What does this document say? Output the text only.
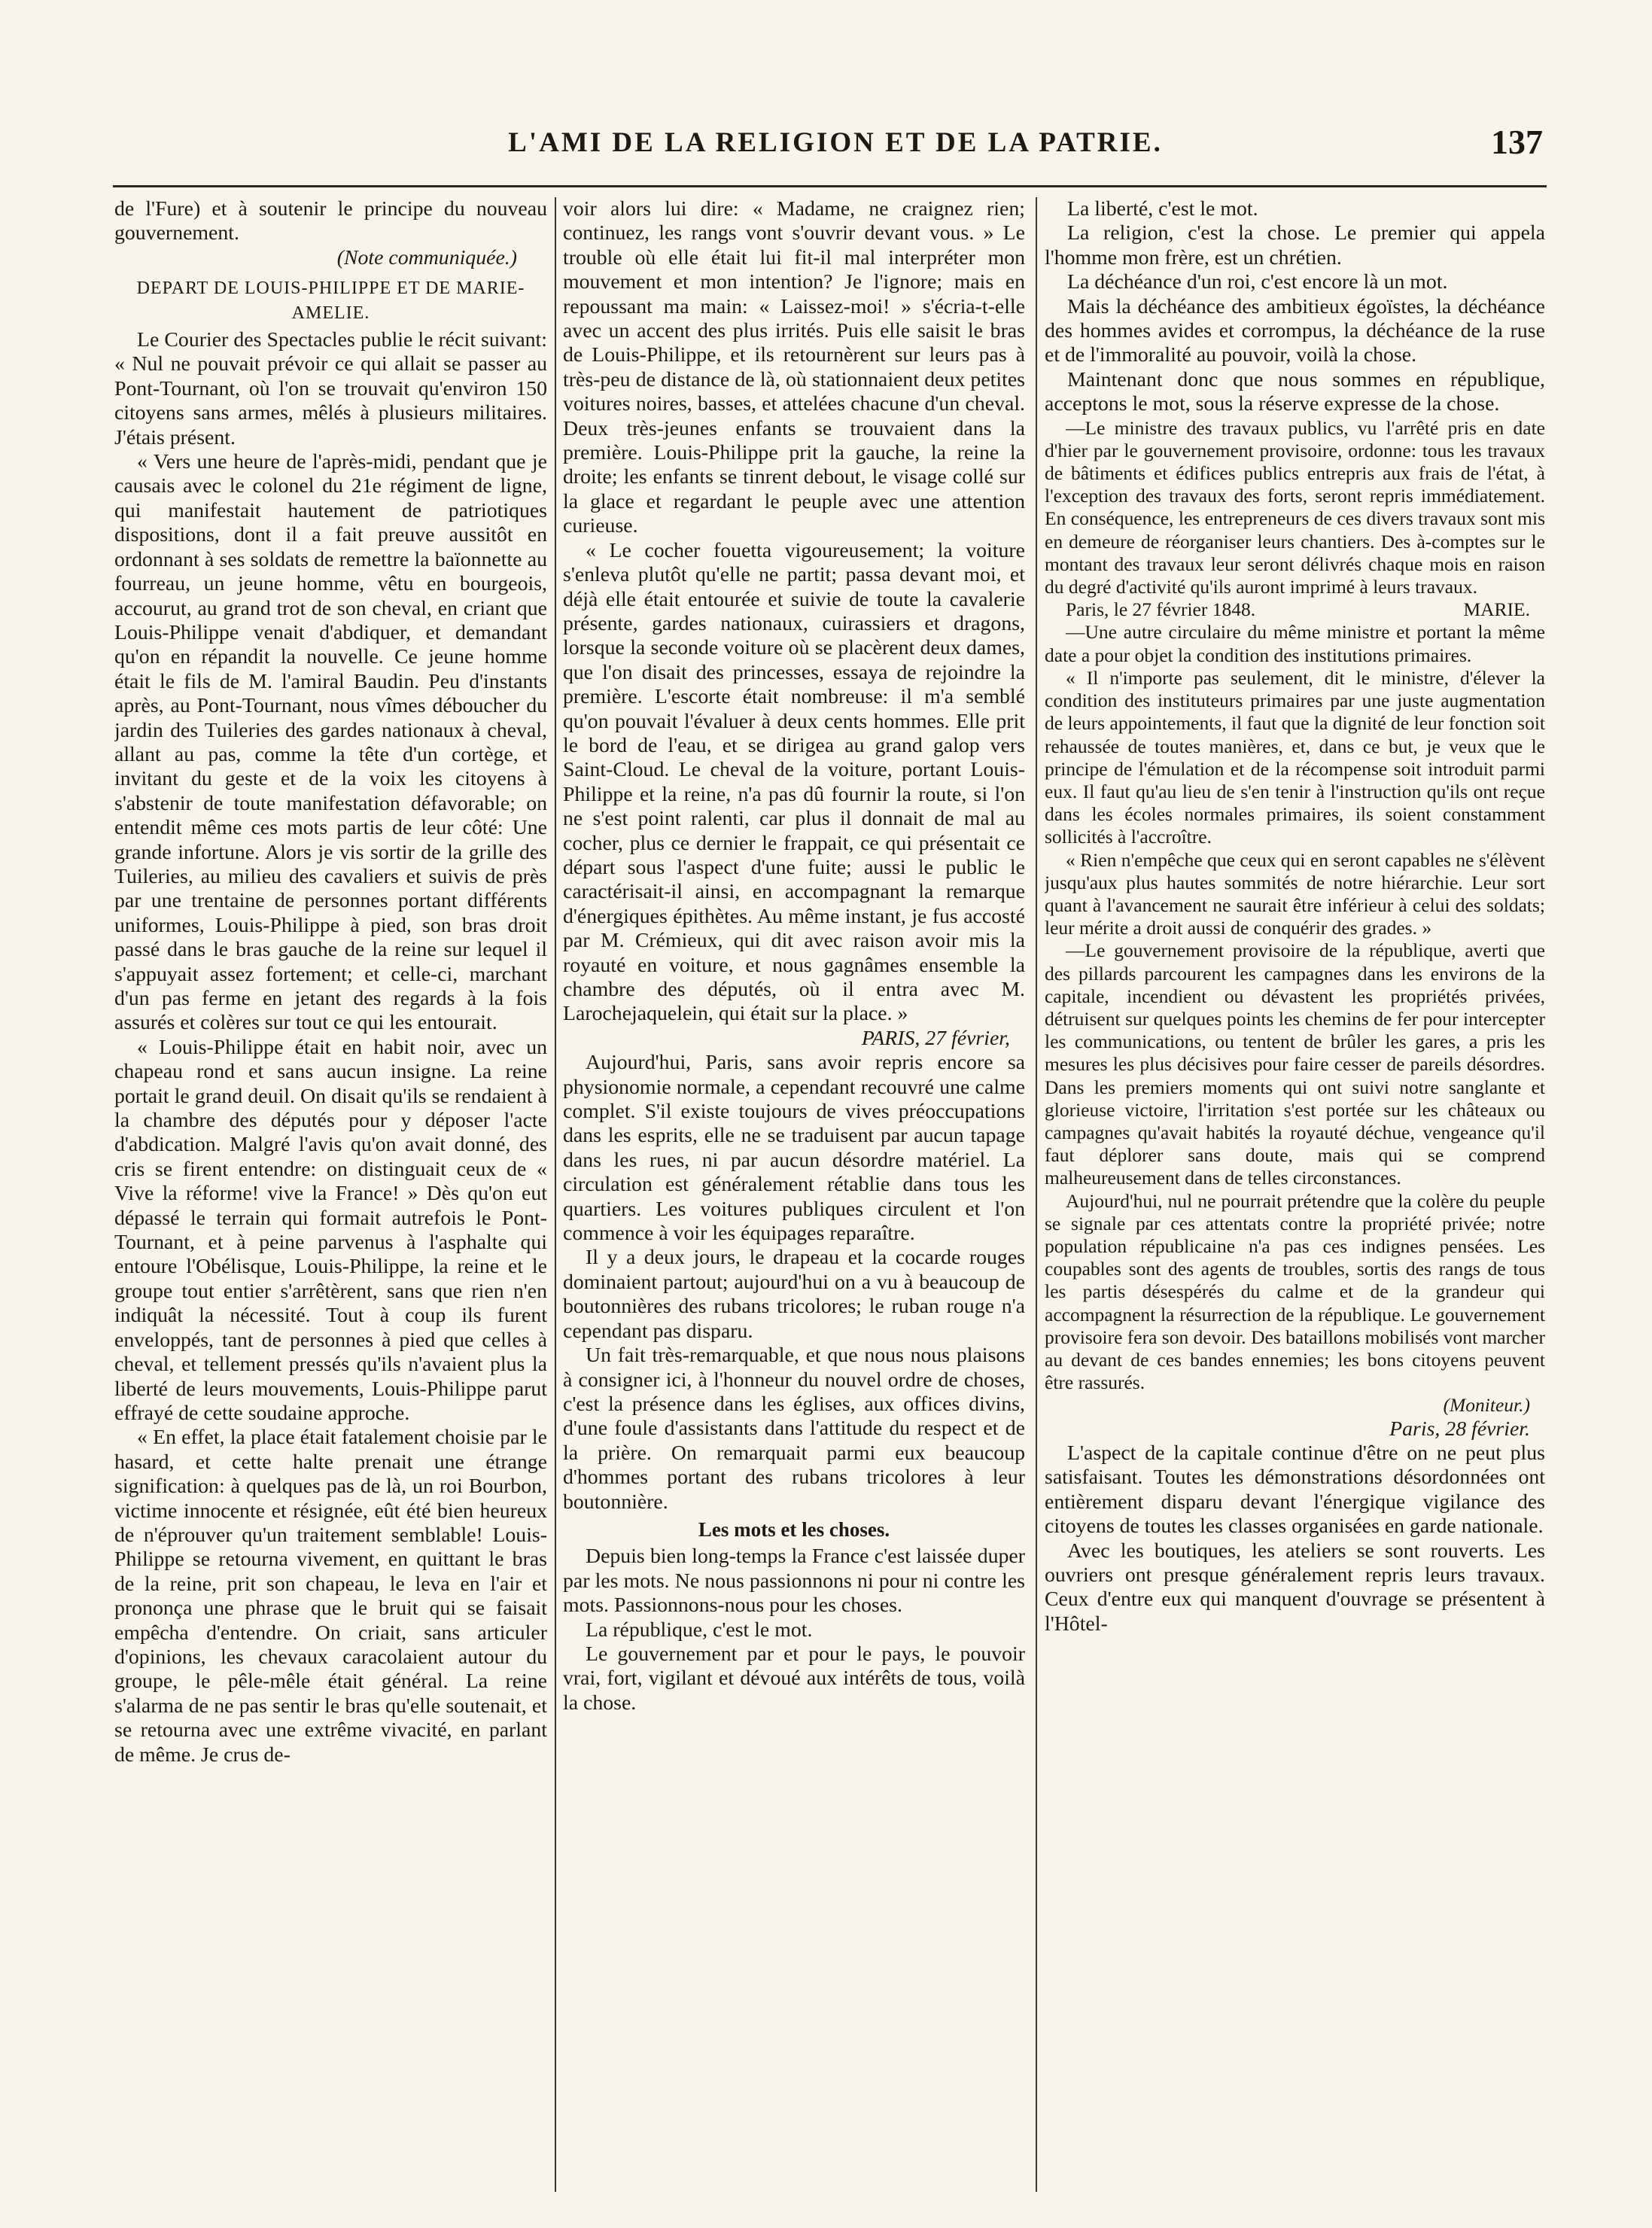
L'AMI DE LA RELIGION ET DE LA PATRIE.	137

de l'Fure) et à soutenir le principe du nouveau gouvernement.

(Note communiquée.)

DEPART DE LOUIS-PHILIPPE ET DE MARIE-AMELIE.

Le Courier des Spectacles publie le récit suivant: « Nul ne pouvait prévoir ce qui allait se passer au Pont-Tournant, où l'on se trouvait qu'environ 150 citoyens sans armes, mêlés à plusieurs militaires. J'étais présent.

« Vers une heure de l'après-midi, pendant que je causais avec le colonel du 21e régiment de ligne, qui manifestait hautement de patriotiques dispositions, dont il a fait preuve aussitôt en ordonnant à ses soldats de remettre la baïonnette au fourreau, un jeune homme, vêtu en bourgeois, accourut, au grand trot de son cheval, en criant que Louis-Philippe venait d'abdiquer, et demandant qu'on en répandit la nouvelle. Ce jeune homme était le fils de M. l'amiral Baudin. Peu d'instants après, au Pont-Tournant, nous vîmes déboucher du jardin des Tuileries des gardes nationaux à cheval, allant au pas, comme la tête d'un cortège, et invitant du geste et de la voix les citoyens à s'abstenir de toute manifestation défavorable; on entendit même ces mots partis de leur côté: Une grande infortune. Alors je vis sortir de la grille des Tuileries, au milieu des cavaliers et suivis de près par une trentaine de personnes portant différents uniformes, Louis-Philippe à pied, son bras droit passé dans le bras gauche de la reine sur lequel il s'appuyait assez fortement; et celle-ci, marchant d'un pas ferme en jetant des regards à la fois assurés et colères sur tout ce qui les entourait.

« Louis-Philippe était en habit noir, avec un chapeau rond et sans aucun insigne. La reine portait le grand deuil. On disait qu'ils se rendaient à la chambre des députés pour y déposer l'acte d'abdication. Malgré l'avis qu'on avait donné, des cris se firent entendre: on distinguait ceux de « Vive la réforme! vive la France! » Dès qu'on eut dépassé le terrain qui formait autrefois le Pont-Tournant, et à peine parvenus à l'asphalte qui entoure l'Obélisque, Louis-Philippe, la reine et le groupe tout entier s'arrêtèrent, sans que rien n'en indiquât la nécessité. Tout à coup ils furent enveloppés, tant de personnes à pied que celles à cheval, et tellement pressés qu'ils n'avaient plus la liberté de leurs mouvements, Louis-Philippe parut effrayé de cette soudaine approche.

« En effet, la place était fatalement choisie par le hasard, et cette halte prenait une étrange signification: à quelques pas de là, un roi Bourbon, victime innocente et résignée, eût été bien heureux de n'éprouver qu'un traitement semblable! Louis-Philippe se retourna vivement, en quittant le bras de la reine, prit son chapeau, le leva en l'air et prononça une phrase que le bruit qui se faisait empêcha d'entendre. On criait, sans articuler d'opinions, les chevaux caracolaient autour du groupe, le pêle-mêle était général. La reine s'alarma de ne pas sentir le bras qu'elle soutenait, et se retourna avec une extrême vivacité, en parlant de même. Je crus de-

voir alors lui dire: « Madame, ne craignez rien; continuez, les rangs vont s'ouvrir devant vous. » Le trouble où elle était lui fit-il mal interpréter mon mouvement et mon intention? Je l'ignore; mais en repoussant ma main: « Laissez-moi! » s'écria-t-elle avec un accent des plus irrités. Puis elle saisit le bras de Louis-Philippe, et ils retournèrent sur leurs pas à très-peu de distance de là, où stationnaient deux petites voitures noires, basses, et attelées chacune d'un cheval. Deux très-jeunes enfants se trouvaient dans la première. Louis-Philippe prit la gauche, la reine la droite; les enfants se tinrent debout, le visage collé sur la glace et regardant le peuple avec une attention curieuse.

« Le cocher fouetta vigoureusement; la voiture s'enleva plutôt qu'elle ne partit; passa devant moi, et déjà elle était entourée et suivie de toute la cavalerie présente, gardes nationaux, cuirassiers et dragons, lorsque la seconde voiture où se placèrent deux dames, que l'on disait des princesses, essaya de rejoindre la première. L'escorte était nombreuse: il m'a semblé qu'on pouvait l'évaluer à deux cents hommes. Elle prit le bord de l'eau, et se dirigea au grand galop vers Saint-Cloud. Le cheval de la voiture, portant Louis-Philippe et la reine, n'a pas dû fournir la route, si l'on ne s'est point ralenti, car plus il donnait de mal au cocher, plus ce dernier le frappait, ce qui présentait ce départ sous l'aspect d'une fuite; aussi le public le caractérisait-il ainsi, en accompagnant la remarque d'énergiques épithètes. Au même instant, je fus accosté par M. Crémieux, qui dit avec raison avoir mis la royauté en voiture, et nous gagnâmes ensemble la chambre des députés, où il entra avec M. Larochejaquelein, qui était sur la place. »

PARIS, 27 février,

Aujourd'hui, Paris, sans avoir repris encore sa physionomie normale, a cependant recouvré une calme complet. S'il existe toujours de vives préoccupations dans les esprits, elle ne se traduisent par aucun tapage dans les rues, ni par aucun désordre matériel. La circulation est généralement rétablie dans tous les quartiers. Les voitures publiques circulent et l'on commence à voir les équipages reparaître.

Il y a deux jours, le drapeau et la cocarde rouges dominaient partout; aujourd'hui on a vu à beaucoup de boutonnières des rubans tricolores; le ruban rouge n'a cependant pas disparu.

Un fait très-remarquable, et que nous nous plaisons à consigner ici, à l'honneur du nouvel ordre de choses, c'est la présence dans les églises, aux offices divins, d'une foule d'assistants dans l'attitude du respect et de la prière. On remarquait parmi eux beaucoup d'hommes portant des rubans tricolores à leur boutonnière.

Les mots et les choses.

Depuis bien long-temps la France c'est laissée duper par les mots. Ne nous passionnons ni pour ni contre les mots. Passionnons-nous pour les choses.

La république, c'est le mot.

Le gouvernement par et pour le pays, le pouvoir vrai, fort, vigilant et dévoué aux intérêts de tous, voilà la chose.

La liberté, c'est le mot.

La religion, c'est la chose. Le premier qui appela l'homme mon frère, est un chrétien.

La déchéance d'un roi, c'est encore là un mot.

Mais la déchéance des ambitieux égoïstes, la déchéance des hommes avides et corrompus, la déchéance de la ruse et de l'immoralité au pouvoir, voilà la chose.

Maintenant donc que nous sommes en république, acceptons le mot, sous la réserve expresse de la chose.

—Le ministre des travaux publics, vu l'arrêté pris en date d'hier par le gouvernement provisoire, ordonne: tous les travaux de bâtiments et édifices publics entrepris aux frais de l'état, à l'exception des travaux des forts, seront repris immédiatement. En conséquence, les entrepreneurs de ces divers travaux sont mis en demeure de réorganiser leurs chantiers. Des à-comptes sur le montant des travaux leur seront délivrés chaque mois en raison du degré d'activité qu'ils auront imprimé à leurs travaux.

Paris, le 27 février 1848.	MARIE.

—Une autre circulaire du même ministre et portant la même date a pour objet la condition des institutions primaires.

« Il n'importe pas seulement, dit le ministre, d'élever la condition des instituteurs primaires par une juste augmentation de leurs appointements, il faut que la dignité de leur fonction soit rehaussée de toutes manières, et, dans ce but, je veux que le principe de l'émulation et de la récompense soit introduit parmi eux. Il faut qu'au lieu de s'en tenir à l'instruction qu'ils ont reçue dans les écoles normales primaires, ils soient constamment sollicités à l'accroître.

« Rien n'empêche que ceux qui en seront capables ne s'élèvent jusqu'aux plus hautes sommités de notre hiérarchie. Leur sort quant à l'avancement ne saurait être inférieur à celui des soldats; leur mérite a droit aussi de conquérir des grades. »

—Le gouvernement provisoire de la république, averti que des pillards parcourent les campagnes dans les environs de la capitale, incendient ou dévastent les propriétés privées, détruisent sur quelques points les chemins de fer pour intercepter les communications, ou tentent de brûler les gares, a pris les mesures les plus décisives pour faire cesser de pareils désordres. Dans les premiers moments qui ont suivi notre sanglante et glorieuse victoire, l'irritation s'est portée sur les châteaux ou campagnes qu'avait habités la royauté déchue, vengeance qu'il faut déplorer sans doute, mais qui se comprend malheureusement dans de telles circonstances.

Aujourd'hui, nul ne pourrait prétendre que la colère du peuple se signale par ces attentats contre la propriété privée; notre population républicaine n'a pas ces indignes pensées. Les coupables sont des agents de troubles, sortis des rangs de tous les partis désespérés du calme et de la grandeur qui accompagnent la résurrection de la république. Le gouvernement provisoire fera son devoir. Des bataillons mobilisés vont marcher au devant de ces bandes ennemies; les bons citoyens peuvent être rassurés.

(Moniteur.)

Paris, 28 février.

L'aspect de la capitale continue d'être on ne peut plus satisfaisant. Toutes les démonstrations désordonnées ont entièrement disparu devant l'énergique vigilance des citoyens de toutes les classes organisées en garde nationale.

Avec les boutiques, les ateliers se sont rouverts. Les ouvriers ont presque généralement repris leurs travaux. Ceux d'entre eux qui manquent d'ouvrage se présentent à l'Hôtel-
